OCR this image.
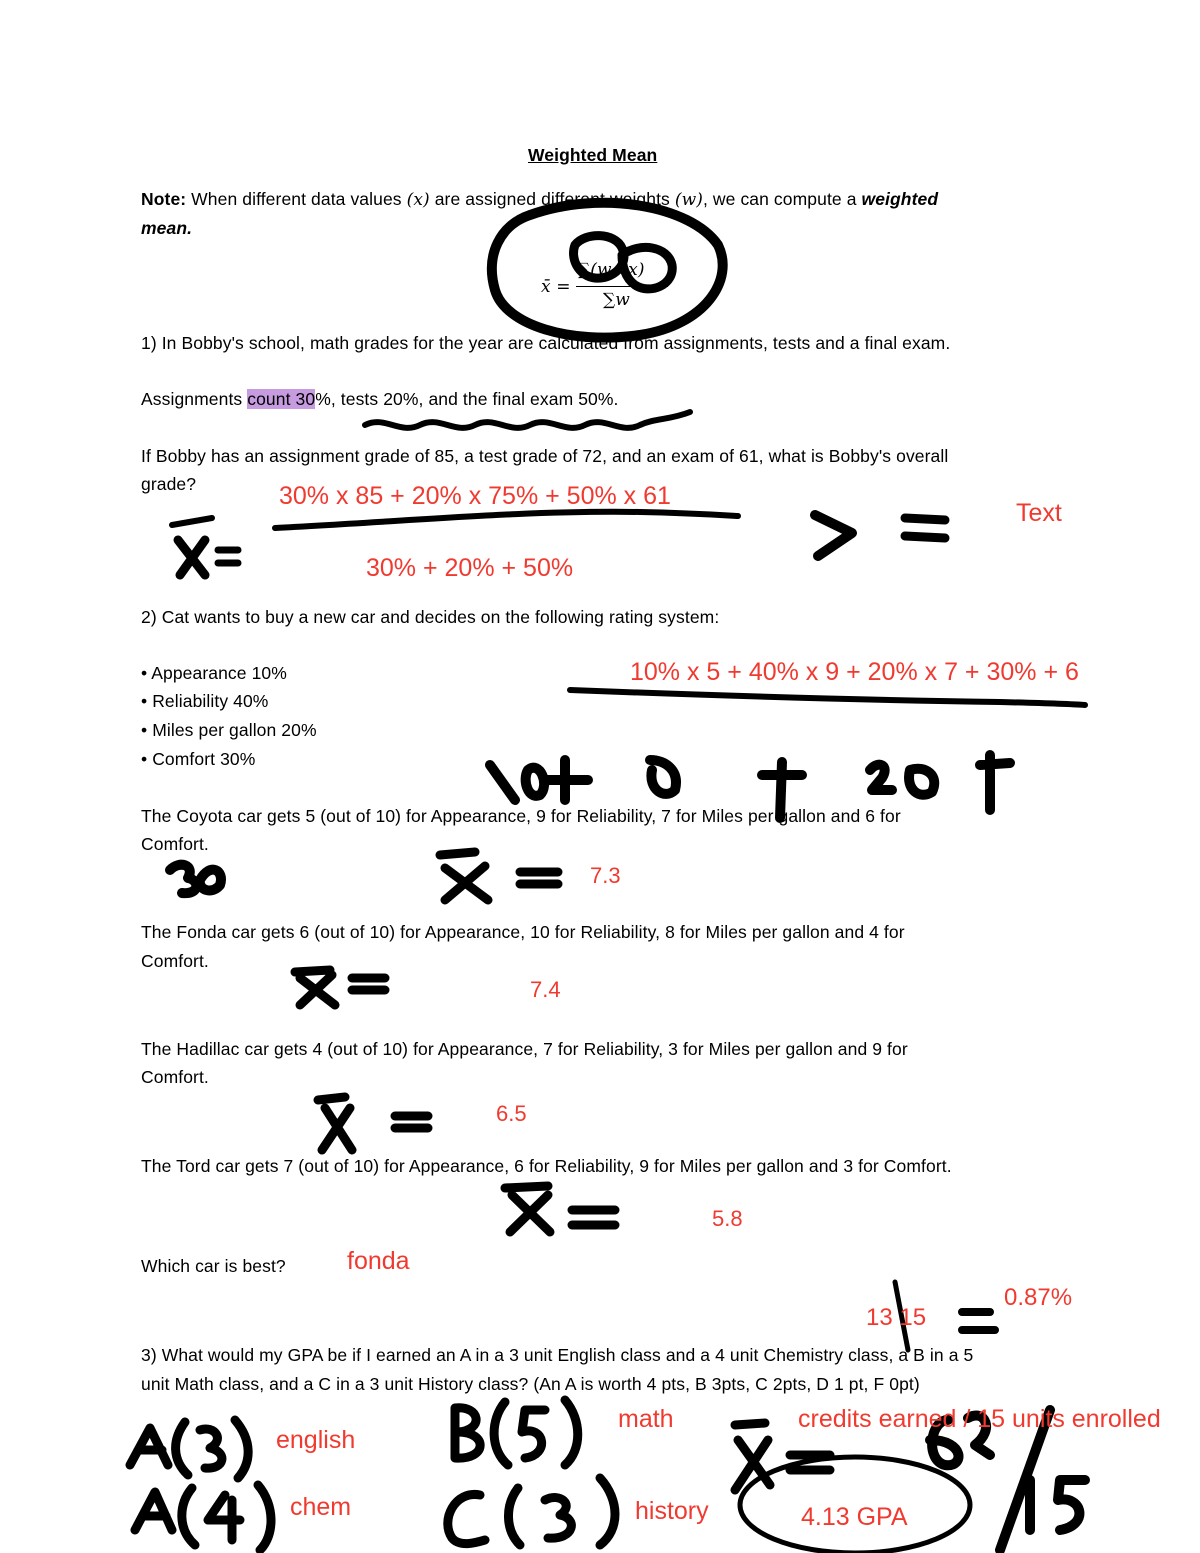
Weighted Mean
Note: When different data values (x) are assigned different weights (w), we can compute a weighted
mean.
x̄ =
∑(w · x)
∑w
1) In Bobby's school, math grades for the year are calculated from assignments, tests and a final exam.
Assignments count 30%, tests 20%, and the final exam 50%.
If Bobby has an assignment grade of 85, a test grade of 72, and an exam of 61, what is Bobby's overall
grade?
2) Cat wants to buy a new car and decides on the following rating system:
• Appearance 10%
• Reliability 40%
• Miles per gallon 20%
• Comfort 30%
The Coyota car gets 5 (out of 10) for Appearance, 9 for Reliability, 7 for Miles per gallon and 6 for
Comfort.
The Fonda car gets 6 (out of 10) for Appearance, 10 for Reliability, 8 for Miles per gallon and 4 for
Comfort.
The Hadillac car gets 4 (out of 10) for Appearance, 7 for Reliability, 3 for Miles per gallon and 9 for
Comfort.
The Tord car gets 7 (out of 10) for Appearance, 6 for Reliability, 9 for Miles per gallon and 3 for Comfort.
Which car is best?
3) What would my GPA be if I earned an A in a 3 unit English class and a 4 unit Chemistry class, a B in a 5
unit Math class, and a C in a 3 unit History class? (An A is worth 4 pts, B 3pts, C 2pts, D 1 pt, F 0pt)
30% x 85 + 20% x 75% + 50% x 61
30% + 20% + 50%
Text
10% x 5 + 40% x 9 + 20% x 7 + 30% + 6
7.3
7.4
6.5
5.8
fonda
13 15
0.87%
english
chem
math
history
credits earned / 15 units enrolled
4.13 GPA
